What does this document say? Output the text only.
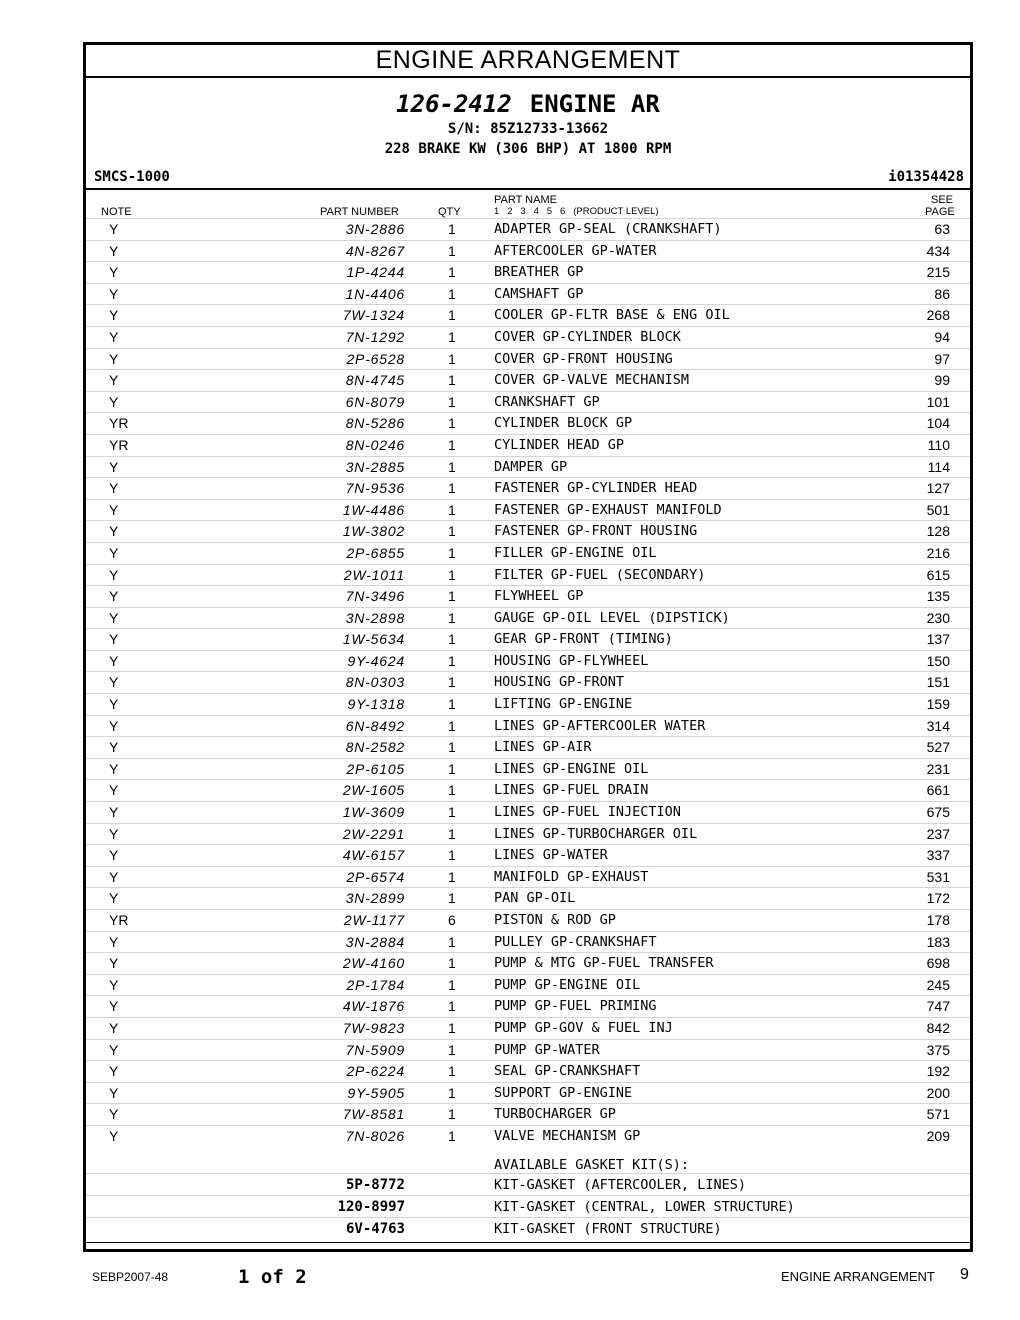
ENGINE ARRANGEMENT
126-2412 ENGINE AR
S/N: 85Z12733-13662
228 BRAKE KW (306 BHP) AT 1800 RPM
SMCS-1000	i01354428
NOTE	PART NUMBER	QTY
PART NAME
1   2   3   4   5   6   (PRODUCT LEVEL)
SEE
PAGE
Y	3N-2886	1	ADAPTER GP-SEAL (CRANKSHAFT)	63
Y	4N-8267	1	AFTERCOOLER GP-WATER	434
Y	1P-4244	1	BREATHER GP	215
Y	1N-4406	1	CAMSHAFT GP	86
Y	7W-1324	1	COOLER GP-FLTR BASE & ENG OIL	268
Y	7N-1292	1	COVER GP-CYLINDER BLOCK	94
Y	2P-6528	1	COVER GP-FRONT HOUSING	97
Y	8N-4745	1	COVER GP-VALVE MECHANISM	99
Y	6N-8079	1	CRANKSHAFT GP	101
YR	8N-5286	1	CYLINDER BLOCK GP	104
YR	8N-0246	1	CYLINDER HEAD GP	110
Y	3N-2885	1	DAMPER GP	114
Y	7N-9536	1	FASTENER GP-CYLINDER HEAD	127
Y	1W-4486	1	FASTENER GP-EXHAUST MANIFOLD	501
Y	1W-3802	1	FASTENER GP-FRONT HOUSING	128
Y	2P-6855	1	FILLER GP-ENGINE OIL	216
Y	2W-1011	1	FILTER GP-FUEL (SECONDARY)	615
Y	7N-3496	1	FLYWHEEL GP	135
Y	3N-2898	1	GAUGE GP-OIL LEVEL (DIPSTICK)	230
Y	1W-5634	1	GEAR GP-FRONT (TIMING)	137
Y	9Y-4624	1	HOUSING GP-FLYWHEEL	150
Y	8N-0303	1	HOUSING GP-FRONT	151
Y	9Y-1318	1	LIFTING GP-ENGINE	159
Y	6N-8492	1	LINES GP-AFTERCOOLER WATER	314
Y	8N-2582	1	LINES GP-AIR	527
Y	2P-6105	1	LINES GP-ENGINE OIL	231
Y	2W-1605	1	LINES GP-FUEL DRAIN	661
Y	1W-3609	1	LINES GP-FUEL INJECTION	675
Y	2W-2291	1	LINES GP-TURBOCHARGER OIL	237
Y	4W-6157	1	LINES GP-WATER	337
Y	2P-6574	1	MANIFOLD GP-EXHAUST	531
Y	3N-2899	1	PAN GP-OIL	172
YR	2W-1177	6	PISTON & ROD GP	178
Y	3N-2884	1	PULLEY GP-CRANKSHAFT	183
Y	2W-4160	1	PUMP & MTG GP-FUEL TRANSFER	698
Y	2P-1784	1	PUMP GP-ENGINE OIL	245
Y	4W-1876	1	PUMP GP-FUEL PRIMING	747
Y	7W-9823	1	PUMP GP-GOV & FUEL INJ	842
Y	7N-5909	1	PUMP GP-WATER	375
Y	2P-6224	1	SEAL GP-CRANKSHAFT	192
Y	9Y-5905	1	SUPPORT GP-ENGINE	200
Y	7W-8581	1	TURBOCHARGER GP	571
Y	7N-8026	1	VALVE MECHANISM GP	209
AVAILABLE GASKET KIT(S):
5P-8772	KIT-GASKET (AFTERCOOLER, LINES)
120-8997	KIT-GASKET (CENTRAL, LOWER STRUCTURE)
6V-4763	KIT-GASKET (FRONT STRUCTURE)
SEBP2007-48	1 of 2	ENGINE ARRANGEMENT 9
